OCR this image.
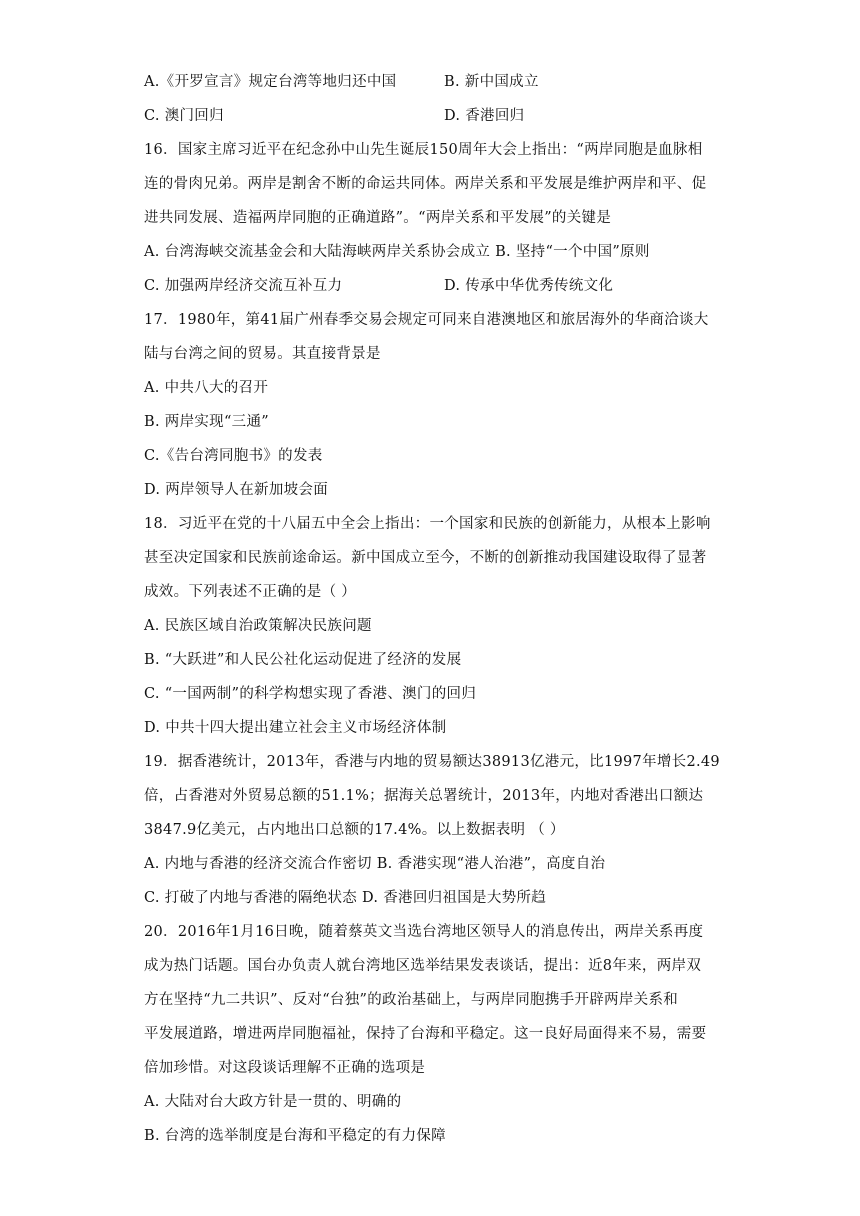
A.《开罗宣言》规定台湾等地归还中国	B. 新中国成立
C. 澳门回归	D. 香港回归
16．国家主席习近平在纪念孙中山先生诞辰150周年大会上指出：“两岸同胞是血脉相
连的骨肉兄弟。两岸是割舍不断的命运共同体。两岸关系和平发展是维护两岸和平、促
进共同发展、造福两岸同胞的正确道路”。“两岸关系和平发展”的关键是
A. 台湾海峡交流基金会和大陆海峡两岸关系协会成立 B. 坚持“一个中国”原则
C. 加强两岸经济交流互补互力	D. 传承中华优秀传统文化
17．1980年，第41届广州春季交易会规定可同来自港澳地区和旅居海外的华商洽谈大
陆与台湾之间的贸易。其直接背景是
A. 中共八大的召开
B. 两岸实现“三通”
C.《告台湾同胞书》的发表
D. 两岸领导人在新加坡会面
18．习近平在党的十八届五中全会上指出：一个国家和民族的创新能力，从根本上影响
甚至决定国家和民族前途命运。新中国成立至今，不断的创新推动我国建设取得了显著
成效。下列表述不正确的是（ ）
A. 民族区域自治政策解决民族问题
B. “大跃进”和人民公社化运动促进了经济的发展
C. “一国两制”的科学构想实现了香港、澳门的回归
D. 中共十四大提出建立社会主义市场经济体制
19．据香港统计，2013年，香港与内地的贸易额达38913亿港元，比1997年增长2.49
倍，占香港对外贸易总额的51.1%；据海关总署统计，2013年，内地对香港出口额达
3847.9亿美元，占内地出口总额的17.4%。以上数据表明 （ ）
A. 内地与香港的经济交流合作密切 B. 香港实现“港人治港”，高度自治
C. 打破了内地与香港的隔绝状态 D. 香港回归祖国是大势所趋
20．2016年1月16日晚，随着蔡英文当选台湾地区领导人的消息传出，两岸关系再度
成为热门话题。国台办负责人就台湾地区选举结果发表谈话，提出：近8年来，两岸双
方在坚持“九二共识”、反对“台独”的政治基础上，与两岸同胞携手开辟两岸关系和
平发展道路，增进两岸同胞福祉，保持了台海和平稳定。这一良好局面得来不易，需要
倍加珍惜。对这段谈话理解不正确的选项是
A. 大陆对台大政方针是一贯的、明确的
B. 台湾的选举制度是台海和平稳定的有力保障
